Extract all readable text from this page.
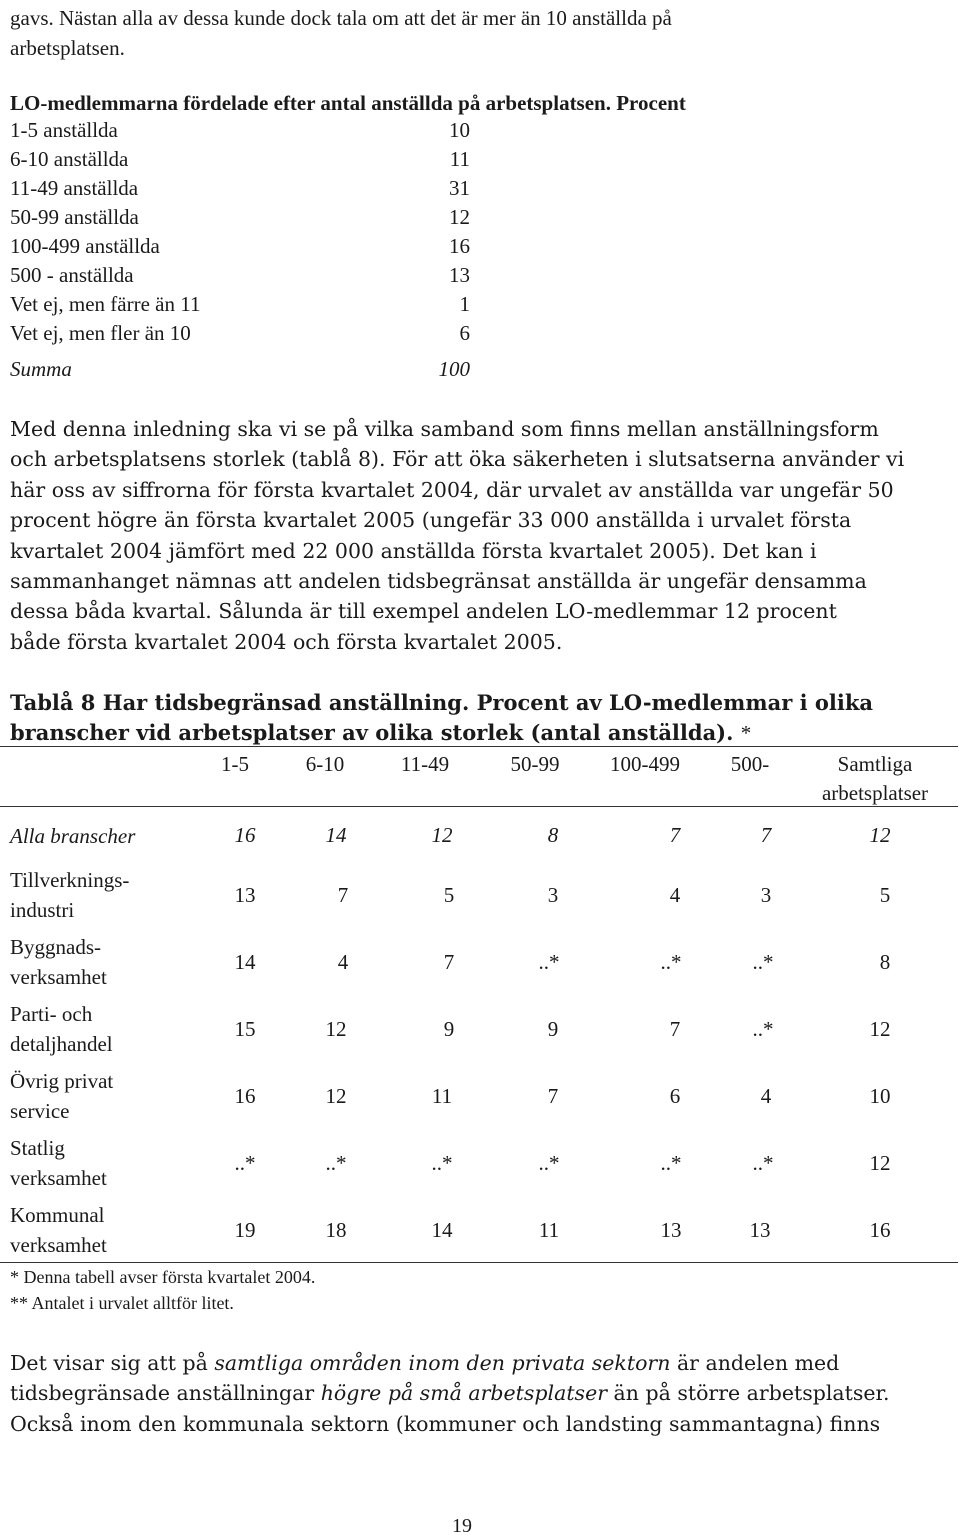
gavs. Nästan alla av dessa kunde dock tala om att det är mer än 10 anställda på
arbetsplatsen.
LO-medlemmarna fördelade efter antal anställda på arbetsplatsen. Procent
1-5 anställda	10
6-10 anställda	11
11-49 anställda	31
50-99 anställda	12
100-499 anställda	16
500 - anställda	13
Vet ej, men färre än 11	1
Vet ej, men fler än 10	6
Summa	100
Med denna inledning ska vi se på vilka samband som finns mellan anställningsform
och arbetsplatsens storlek (tablå 8). För att öka säkerheten i slutsatserna använder vi
här oss av siffrorna för första kvartalet 2004, där urvalet av anställda var ungefär 50
procent högre än första kvartalet 2005 (ungefär 33 000 anställda i urvalet första
kvartalet 2004 jämfört med 22 000 anställda första kvartalet 2005). Det kan i
sammanhanget nämnas att andelen tidsbegränsat anställda är ungefär densamma
dessa båda kvartal. Sålunda är till exempel andelen LO-medlemmar 12 procent
både första kvartalet 2004 och första kvartalet 2005.
Tablå 8 Har tidsbegränsad anställning. Procent av LO-medlemmar i olika
branscher vid arbetsplatser av olika storlek (antal anställda). *
1-5	6-10	11-49	50-99	100-499	500-	Samtliga
arbetsplatser
Alla branscher	16	14	12	8	7	7	12
Tillverknings-
industri
13	7	5	3	4	3	5
Byggnads-
verksamhet
14	4	7	..*	..*	..*	8
Parti- och
detaljhandel
15	12	9	9	7	..*	12
Övrig privat
service
16	12	11	7	6	4	10
Statlig
verksamhet
..*	..*	..*	..*	..*	..*	12
Kommunal
verksamhet
19	18	14	11	13	13	16
* Denna tabell avser första kvartalet 2004.
** Antalet i urvalet alltför litet.
Det visar sig att på samtliga områden inom den privata sektorn är andelen med
tidsbegränsade anställningar högre på små arbetsplatser än på större arbetsplatser.
Också inom den kommunala sektorn (kommuner och landsting sammantagna) finns
19
